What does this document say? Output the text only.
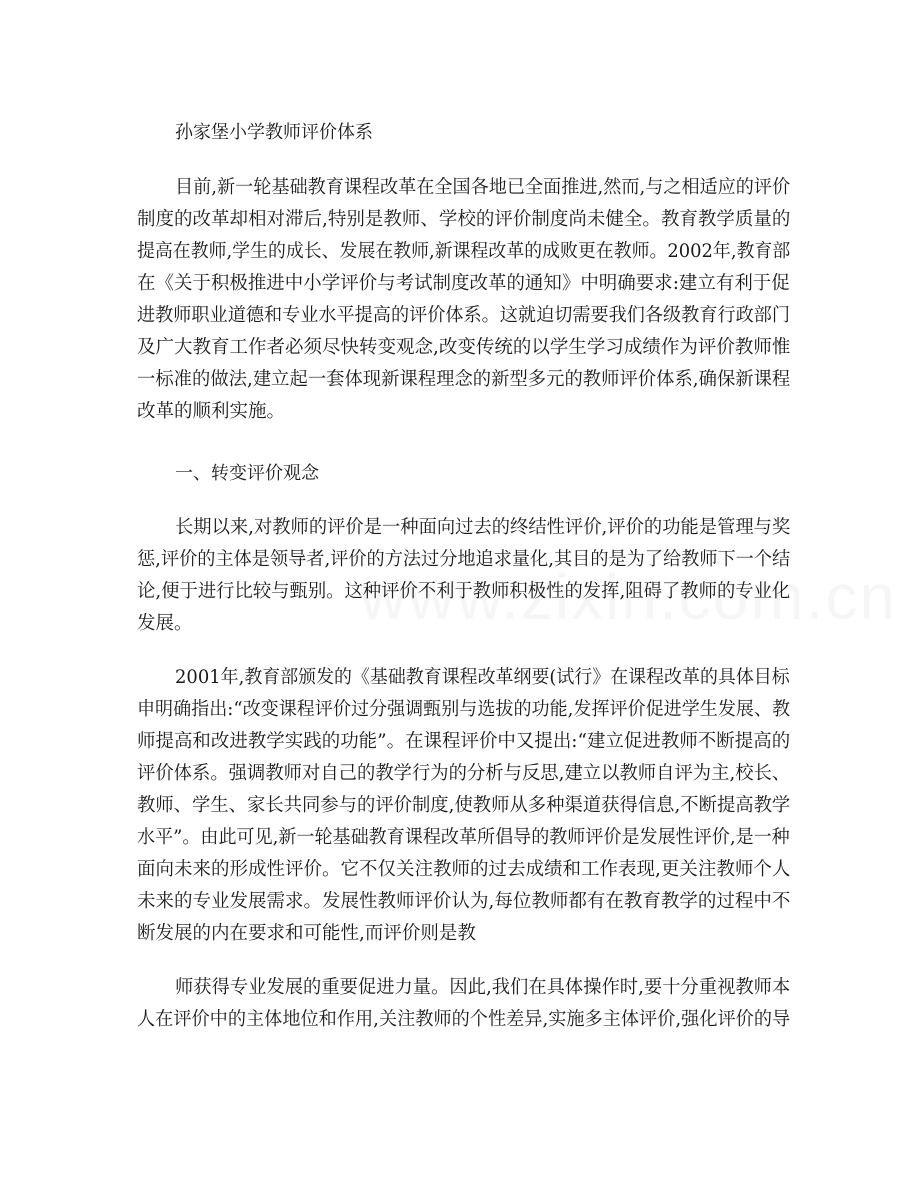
孙家堡小学教师评价体系
目前,新一轮基础教育课程改革在全国各地已全面推进,然而,与之相适应的评价
制度的改革却相对滞后,特别是教师、学校的评价制度尚未健全。教育教学质量的
提高在教师,学生的成长、发展在教师,新课程改革的成败更在教师。2002年,教育部
在《关于积极推进中小学评价与考试制度改革的通知》中明确要求:建立有利于促
进教师职业道德和专业水平提高的评价体系。这就迫切需要我们各级教育行政部门
及广大教育工作者必须尽快转变观念,改变传统的以学生学习成绩作为评价教师惟
一标准的做法,建立起一套体现新课程理念的新型多元的教师评价体系,确保新课程
改革的顺利实施。
一、转变评价观念
长期以来,对教师的评价是一种面向过去的终结性评价,评价的功能是管理与奖
惩,评价的主体是领导者,评价的方法过分地追求量化,其目的是为了给教师下一个结
论,便于进行比较与甄别。这种评价不利于教师积极性的发挥,阻碍了教师的专业化
发展。
2001年,教育部颁发的《基础教育课程改革纲要(试行》在课程改革的具体目标
申明确指出:“改变课程评价过分强调甄别与选拔的功能,发挥评价促进学生发展、教
师提高和改进教学实践的功能”。在课程评价中又提出:“建立促进教师不断提高的
评价体系。强调教师对自己的教学行为的分析与反思,建立以教师自评为主,校长、
教师、学生、家长共同参与的评价制度,使教师从多种渠道获得信息,不断提高教学
水平”。由此可见,新一轮基础教育课程改革所倡导的教师评价是发展性评价,是一种
面向未来的形成性评价。它不仅关注教师的过去成绩和工作表现,更关注教师个人
未来的专业发展需求。发展性教师评价认为,每位教师都有在教育教学的过程中不
断发展的内在要求和可能性,而评价则是教
师获得专业发展的重要促进力量。因此,我们在具体操作时,要十分重视教师本
人在评价中的主体地位和作用,关注教师的个性差异,实施多主体评价,强化评价的导
